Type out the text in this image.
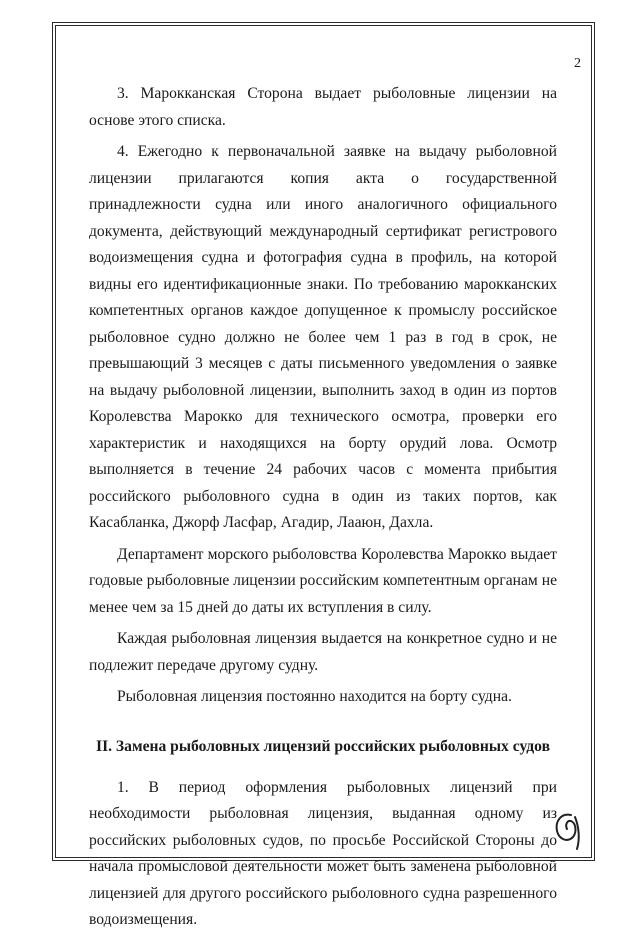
2

3. Марокканская Сторона выдает рыболовные лицензии на основе этого списка.

4. Ежегодно к первоначальной заявке на выдачу рыболовной лицензии прилагаются копия акта о государственной принадлежности судна или иного аналогичного официального документа, действующий международный сертификат регистрового водоизмещения судна и фотография судна в профиль, на которой видны его идентификационные знаки. По требованию марокканских компетентных органов каждое допущенное к промыслу российское рыболовное судно должно не более чем 1 раз в год в срок, не превышающий 3 месяцев с даты письменного уведомления о заявке на выдачу рыболовной лицензии, выполнить заход в один из портов Королевства Марокко для технического осмотра, проверки его характеристик и находящихся на борту орудий лова. Осмотр выполняется в течение 24 рабочих часов с момента прибытия российского рыболовного судна в один из таких портов, как Касабланка, Джорф Ласфар, Агадир, Лааюн, Дахла.

Департамент морского рыболовства Королевства Марокко выдает годовые рыболовные лицензии российским компетентным органам не менее чем за 15 дней до даты их вступления в силу.

Каждая рыболовная лицензия выдается на конкретное судно и не подлежит передаче другому судну.

Рыболовная лицензия постоянно находится на борту судна.

II. Замена рыболовных лицензий российских рыболовных судов

1. В период оформления рыболовных лицензий при необходимости рыболовная лицензия, выданная одному из российских рыболовных судов, по просьбе Российской Стороны до начала промысловой деятельности может быть заменена рыболовной лицензией для другого российского рыболовного судна разрешенного водоизмещения.
